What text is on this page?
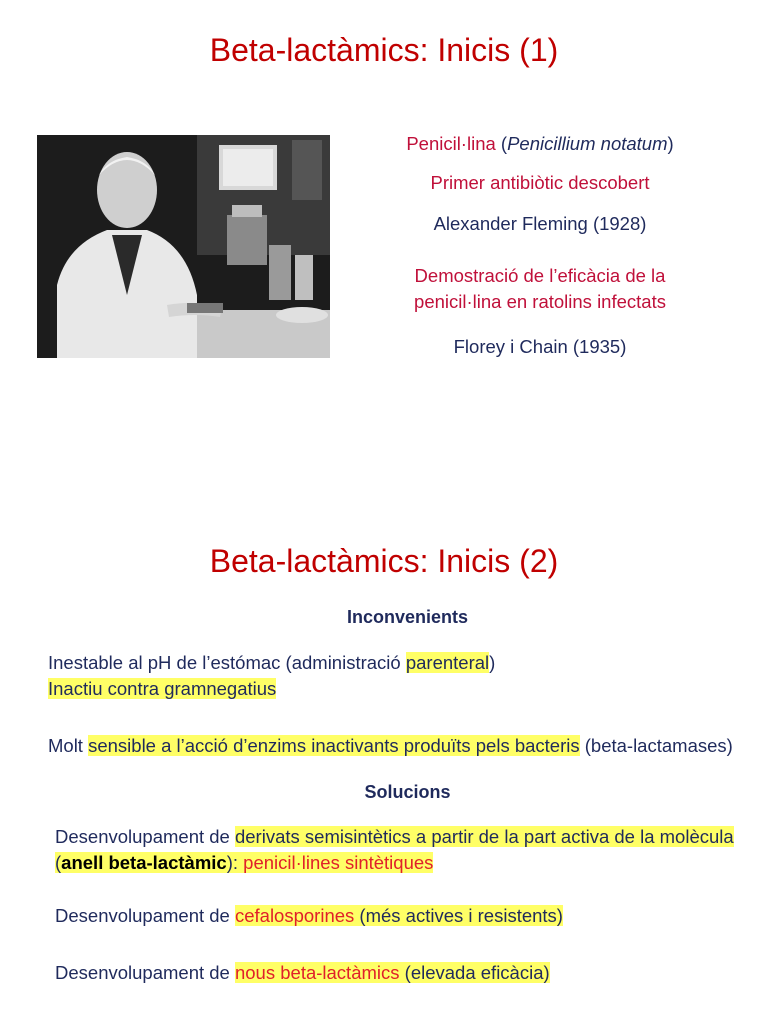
Beta-lactàmics: Inicis (1)
Penicil·lina (Penicillium notatum)
Primer antibiòtic descobert
Alexander Fleming (1928)
Demostració de l’eficàcia de la
penicil·lina en ratolins infectats
Florey i Chain (1935)
Beta-lactàmics: Inicis (2)
Inconvenients
Inestable al pH de l’estómac (administració parenteral)
Inactiu contra gramnegatius
Molt sensible a l’acció d’enzims inactivants produïts pels bacteris (beta-lactamases)
Solucions
Desenvolupament de derivats semisintètics a partir de la part activa de la molècula (anell beta-lactàmic): penicil·lines sintètiques
Desenvolupament de cefalosporines (més actives i resistents)
Desenvolupament de nous beta-lactàmics (elevada eficàcia)
